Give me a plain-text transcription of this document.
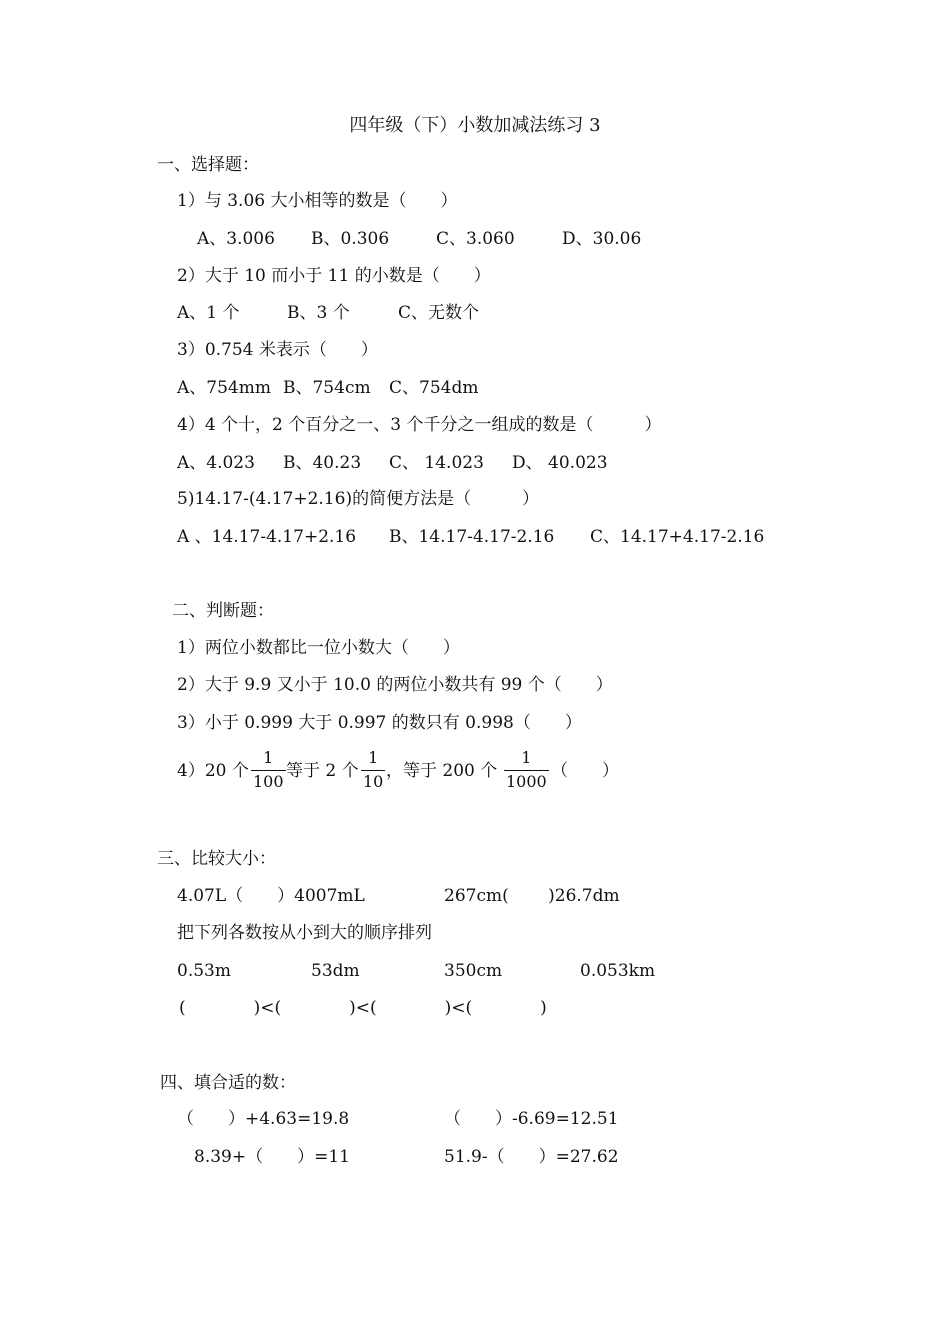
四年级（下）小数加减法练习 3
一、选择题：
1）与 3.06 大小相等的数是（　　）
A、3.006 B、0.306	C、3.060	D、30.06
2）大于 10 而小于 11 的小数是（　　）
A、1 个	B、3 个	C、无数个
3）0.754 米表示（　　）
A、754mm B、754cm C、754dm
4）4 个十，2 个百分之一、3 个千分之一组成的数是（　　　）
A、4.023 B、40.23 C、 14.023 D、 40.023
5)14.17-(4.17+2.16)的简便方法是（　　　）
A 、14.17-4.17+2.16 B、14.17-4.17-2.16 C、14.17+4.17-2.16
二、判断题：
1）两位小数都比一位小数大（　　）
2）大于 9.9 又小于 10.0 的两位小数共有 99 个（　　）
3）小于 0.999 大于 0.997 的数只有 0.998（　　）
4）20 个
1
100
等于 2 个
1
10
，等于 200 个
1
1000
（　　）
三、比较大小：
4.07L（　　）4007mL	267cm(　　 )26.7dm
把下列各数按从小到大的顺序排列
0.53m	53dm	350cm	0.053km
(　　　　)<(　　　　)<(　　　　)<(　　　　)
四、填合适的数：
（　　）+4.63=19.8	（　　）-6.69=12.51
8.39+（　　）=11	51.9-（　　）=27.62
